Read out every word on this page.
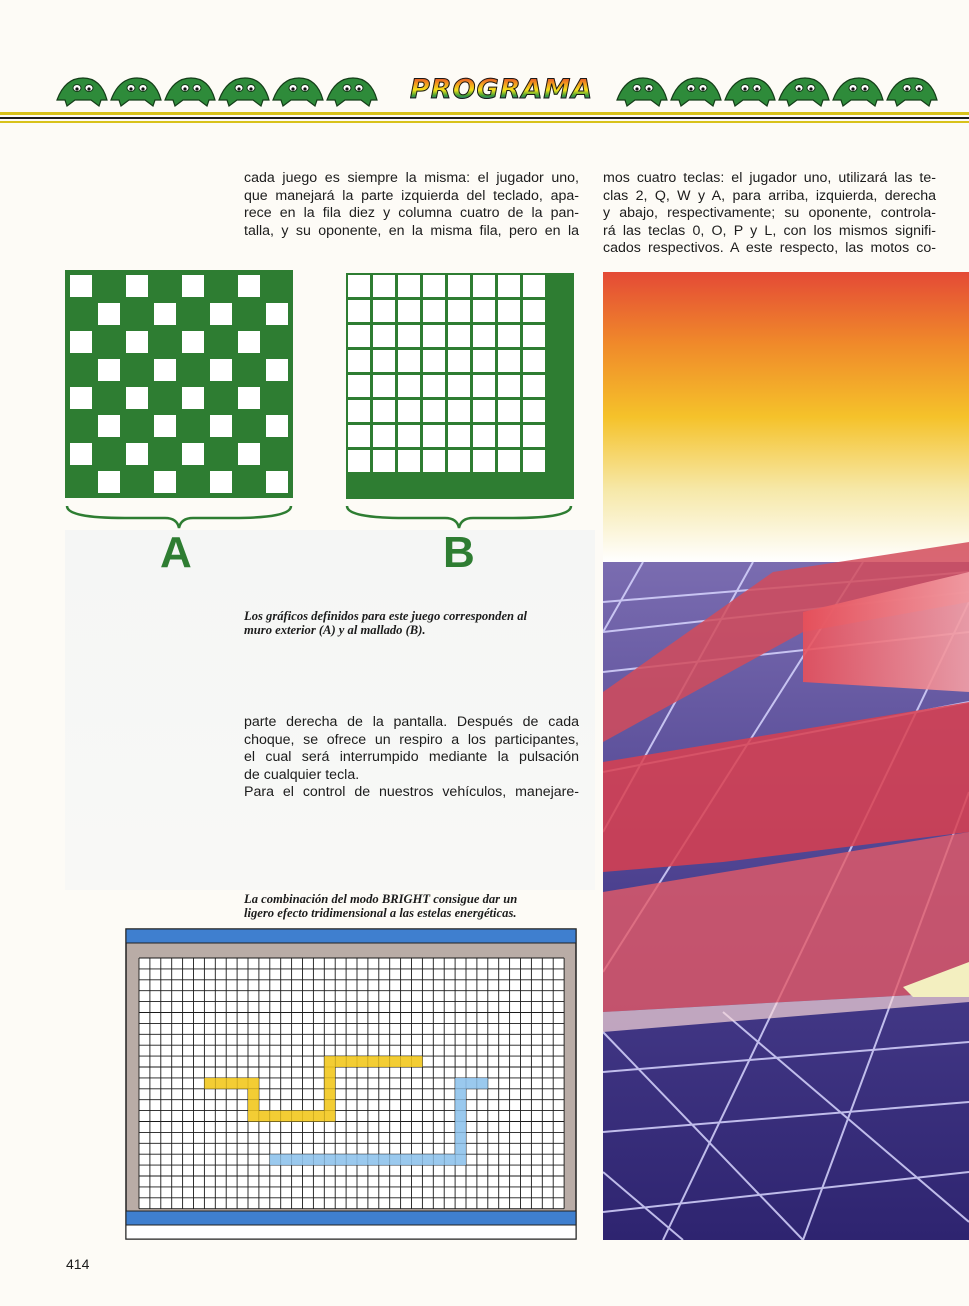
PROGRAMA
cada juego es siempre la misma: el jugador uno,
que manejará la parte izquierda del teclado, apa-
rece en la fila diez y columna cuatro de la pan-
talla, y su oponente, en la misma fila, pero en la
mos cuatro teclas: el jugador uno, utilizará las te-
clas 2, Q, W y A, para arriba, izquierda, derecha
y abajo, respectivamente; su oponente, controla-
rá las teclas 0, O, P y L, con los mismos signifi-
cados respectivos. A este respecto, las motos co-
A	B
Los gráficos definidos para este juego corresponden al
muro exterior (A) y al mallado (B).
parte derecha de la pantalla. Después de cada
choque, se ofrece un respiro a los participantes,
el cual será interrumpido mediante la pulsación
de cualquier tecla.
Para el control de nuestros vehículos, manejare-
La combinación del modo BRIGHT consigue dar un
ligero efecto tridimensional a las estelas energéticas.
414
